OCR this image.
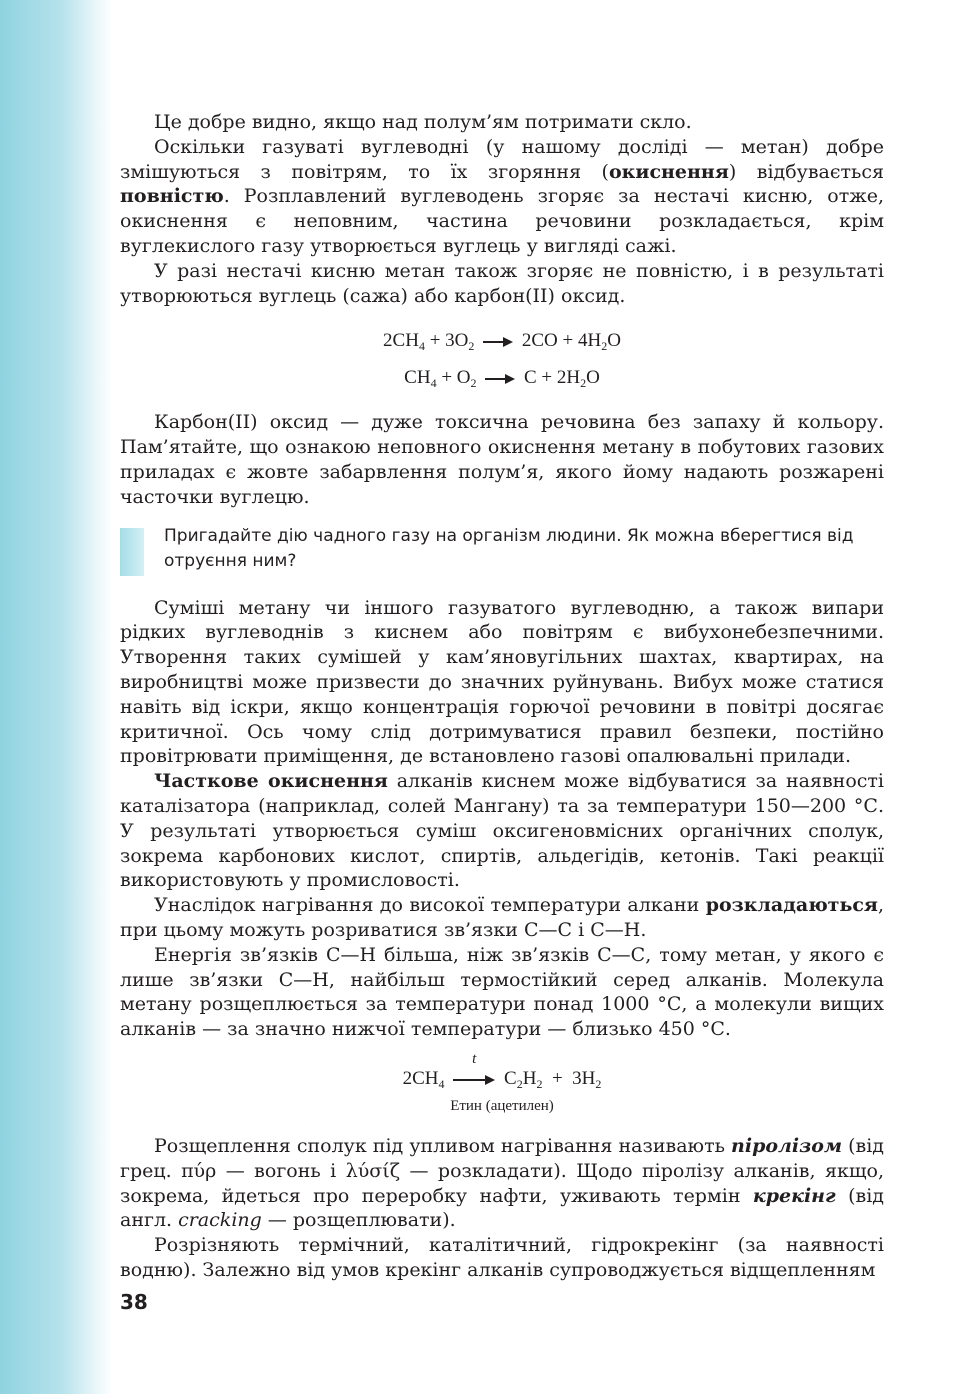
Це добре видно, якщо над полум’ям потримати скло.

Оскільки газуваті вуглеводні (у нашому досліді — метан) добре змішуються з повітрям, то їх згоряння (окиснення) відбувається повністю. Розплавлений вуглеводень згоряє за нестачі кисню, отже, окиснення є неповним, частина речовини розкладається, крім вуглекислого газу утворюється вуглець у вигляді сажі.

У разі нестачі кисню метан також згоряє не повністю, і в результаті утворюються вуглець (сажа) або карбон(ІІ) оксид.

$2CH_4 + 3O_2$	$2CO + 4H_2O$
$CH_4 + O_2$	$C + 2H_2O$

Карбон(ІІ) оксид — дуже токсична речовина без запаху й кольору. Пам’ятайте, що ознакою неповного окиснення метану в побутових газових приладах є жовте забарвлення полум’я, якого йому надають розжарені часточки вуглецю.

Пригадайте дію чадного газу на організм людини. Як можна вберегтися від отруєння ним?

Суміші метану чи іншого газуватого вуглеводню, а також випари рідких вуглеводнів з киснем або повітрям є вибухонебезпечними. Утворення таких сумішей у кам’яновугільних шахтах, квартирах, на виробництві може призвести до значних руйнувань. Вибух може статися навіть від іскри, якщо концентрація горючої речовини в повітрі досягає критичної. Ось чому слід дотримуватися правил безпеки, постійно провітрювати приміщення, де встановлено газові опалювальні прилади.

Часткове окиснення алканів киснем може відбуватися за наявності каталізатора (наприклад, солей Мангану) та за температури 150—200 °С. У результаті утворюється суміш оксигеновмісних органічних сполук, зокрема карбонових кислот, спиртів, альдегідів, кетонів. Такі реакції використовують у промисловості.

Унаслідок нагрівання до високої температури алкани розкладаються, при цьому можуть розриватися зв’язки С—С і С—Н.

Енергія зв’язків С—Н більша, ніж зв’язків С—С, тому метан, у якого є лише зв’язки С—Н, найбільш термостійкий серед алканів. Молекула метану розщеплюється за температури понад 1000 °С, а молекули вищих алканів — за значно нижчої температури — близько 450 °С.

$2CH_4$
t
$C_2H_2 + 3H_2$
Етин (ацетилен)

Розщеплення сполук під упливом нагрівання називають піролізом (від грец. πύρ — вогонь і λύσίζ — розкладати). Щодо піролізу алканів, якщо, зокрема, йдеться про переробку нафти, уживають термін крекінг (від англ. cracking — розщеплювати).

Розрізняють термічний, каталітичний, гідрокрекінг (за наявності водню). Залежно від умов крекінг алканів супроводжується відщепленням

38
